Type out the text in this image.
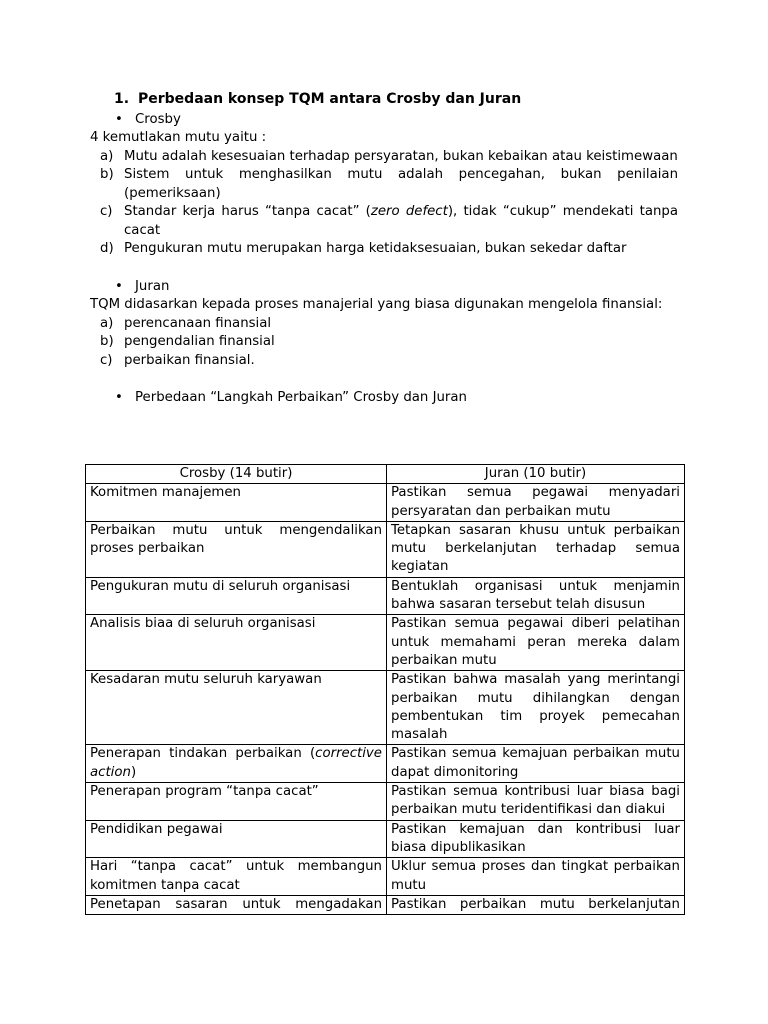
1. Perbedaan konsep TQM antara Crosby dan Juran
• Crosby

4 kemutlakan mutu yaitu :

a) Mutu adalah kesesuaian terhadap persyaratan, bukan kebaikan atau keistimewaan
b) Sistem untuk menghasilkan mutu adalah pencegahan, bukan penilaian (pemeriksaan)
c) Standar kerja harus “tanpa cacat” (zero defect), tidak “cukup” mendekati tanpa cacat
d) Pengukuran mutu merupakan harga ketidaksesuaian, bukan sekedar daftar
• Juran

TQM didasarkan kepada proses manajerial yang biasa digunakan mengelola finansial:

a) perencanaan finansial
b) pengendalian finansial
c) perbaikan finansial.
• Perbedaan “Langkah Perbaikan” Crosby dan Juran
Crosby (14 butir)	Juran (10 butir)

Komitmen manajemen	Pastikan semua pegawai menyadari persyaratan dan perbaikan mutu

Perbaikan mutu untuk mengendalikan proses perbaikan	Tetapkan sasaran khusu untuk perbaikan mutu berkelanjutan terhadap semua kegiatan

Pengukuran mutu di seluruh organisasi	Bentuklah organisasi untuk menjamin bahwa sasaran tersebut telah disusun

Analisis biaa di seluruh organisasi	Pastikan semua pegawai diberi pelatihan untuk memahami peran mereka dalam perbaikan mutu

Kesadaran mutu seluruh karyawan	Pastikan bahwa masalah yang merintangi perbaikan mutu dihilangkan dengan pembentukan tim proyek pemecahan masalah

Penerapan tindakan perbaikan (corrective action)	Pastikan semua kemajuan perbaikan mutu dapat dimonitoring

Penerapan program “tanpa cacat”	Pastikan semua kontribusi luar biasa bagi perbaikan mutu teridentifikasi dan diakui

Pendidikan pegawai	Pastikan kemajuan dan kontribusi luar biasa dipublikasikan

Hari “tanpa cacat” untuk membangun komitmen tanpa cacat	Uklur semua proses dan tingkat perbaikan mutu

Penetapan sasaran untuk mengadakan	Pastikan perbaikan mutu berkelanjutan
